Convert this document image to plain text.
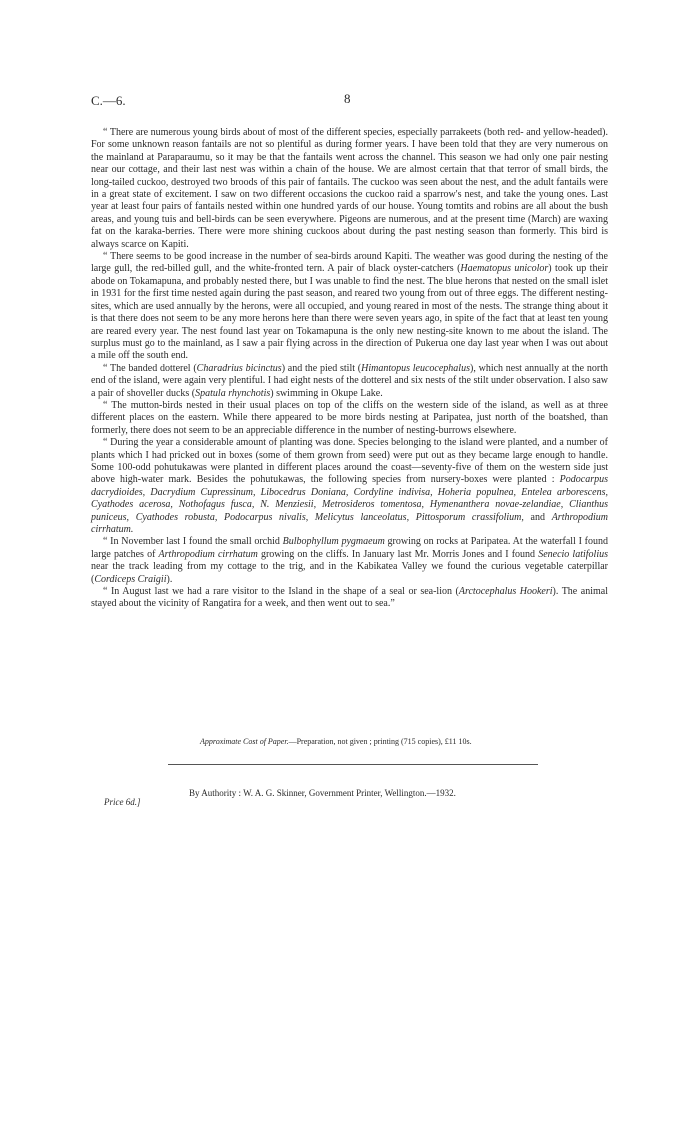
C.—6.	8

“ There are numerous young birds about of most of the different species, especially parrakeets (both red- and yellow-headed). For some unknown reason fantails are not so plentiful as during former years. I have been told that they are very numerous on the mainland at Paraparaumu, so it may be that the fantails went across the channel. This season we had only one pair nesting near our cottage, and their last nest was within a chain of the house. We are almost certain that that terror of small birds, the long-tailed cuckoo, destroyed two broods of this pair of fantails. The cuckoo was seen about the nest, and the adult fantails were in a great state of excitement. I saw on two different occasions the cuckoo raid a sparrow's nest, and take the young ones. Last year at least four pairs of fantails nested within one hundred yards of our house. Young tomtits and robins are all about the bush areas, and young tuis and bell-birds can be seen everywhere. Pigeons are numerous, and at the present time (March) are waxing fat on the karaka-berries. There were more shining cuckoos about during the past nesting season than formerly. This bird is always scarce on Kapiti.

“ There seems to be good increase in the number of sea-birds around Kapiti. The weather was good during the nesting of the large gull, the red-billed gull, and the white-fronted tern. A pair of black oyster-catchers (Haematopus unicolor) took up their abode on Tokamapuna, and probably nested there, but I was unable to find the nest. The blue herons that nested on the small islet in 1931 for the first time nested again during the past season, and reared two young from out of three eggs. The different nesting-sites, which are used annually by the herons, were all occupied, and young reared in most of the nests. The strange thing about it is that there does not seem to be any more herons here than there were seven years ago, in spite of the fact that at least ten young are reared every year. The nest found last year on Tokamapuna is the only new nesting-site known to me about the island. The surplus must go to the mainland, as I saw a pair flying across in the direction of Pukerua one day last year when I was out about a mile off the south end.

“ The banded dotterel (Charadrius bicinctus) and the pied stilt (Himantopus leucocephalus), which nest annually at the north end of the island, were again very plentiful. I had eight nests of the dotterel and six nests of the stilt under observation. I also saw a pair of shoveller ducks (Spatula rhynchotis) swimming in Okupe Lake.

“ The mutton-birds nested in their usual places on top of the cliffs on the western side of the island, as well as at three different places on the eastern. While there appeared to be more birds nesting at Paripatea, just north of the boatshed, than formerly, there does not seem to be an appreciable difference in the number of nesting-burrows elsewhere.

“ During the year a considerable amount of planting was done. Species belonging to the island were planted, and a number of plants which I had pricked out in boxes (some of them grown from seed) were put out as they became large enough to handle. Some 100-odd pohutukawas were planted in different places around the coast—seventy-five of them on the western side just above high-water mark. Besides the pohutukawas, the following species from nursery-boxes were planted : Podocarpus dacrydioides, Dacrydium Cupressinum, Libocedrus Doniana, Cordyline indivisa, Hoheria populnea, Entelea arborescens, Cyathodes acerosa, Nothofagus fusca, N. Menziesii, Metrosideros tomentosa, Hymenanthera novae-zelandiae, Clianthus puniceus, Cyathodes robusta, Podocarpus nivalis, Melicytus lanceolatus, Pittosporum crassifolium, and Arthropodium cirrhatum.

“ In November last I found the small orchid Bulbophyllum pygmaeum growing on rocks at Paripatea. At the waterfall I found large patches of Arthropodium cirrhatum growing on the cliffs. In January last Mr. Morris Jones and I found Senecio latifolius near the track leading from my cottage to the trig, and in the Kabikatea Valley we found the curious vegetable caterpillar (Cordiceps Craigii).

“ In August last we had a rare visitor to the Island in the shape of a seal or sea-lion (Arctocephalus Hookeri). The animal stayed about the vicinity of Rangatira for a week, and then went out to sea.”

Approximate Cost of Paper.—Preparation, not given ; printing (715 copies), £11 10s.
Price 6d.]
By Authority : W. A. G. Skinner, Government Printer, Wellington.—1932.
